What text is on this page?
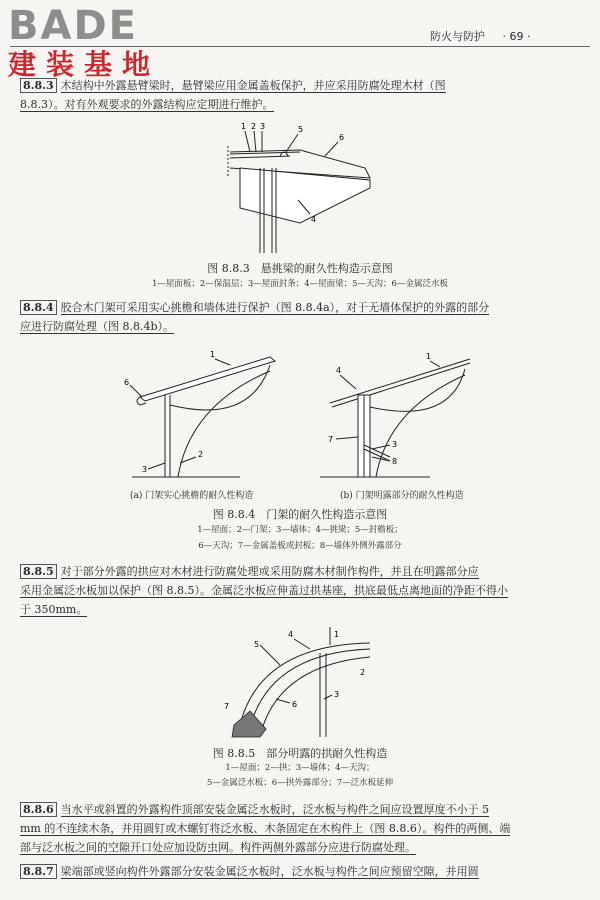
BADE
建装基地
防火与防护 · 69 ·
8.8.3 木结构中外露悬臂梁时，悬臂梁应用金属盖板保护，并应采用防腐处理木材（图
8.8.3）。对有外观要求的外露结构应定期进行维护。
1 2 3
4
5
6
图 8.8.3　悬挑梁的耐久性构造示意图
1—屋面板；2—保温层；3—屋面封条；4—屋面梁；5—天沟；6—金属泛水板
8.8.4 胶合木门架可采用实心挑檐和墙体进行保护（图 8.8.4a），对于无墙体保护的外露的部分
应进行防腐处理（图 8.8.4b）。
1
2
3
6
1
4
7
3
8
(a) 门架实心挑檐的耐久性构造	(b) 门架明露部分的耐久性构造
图 8.8.4　门架的耐久性构造示意图
1—屋面；2—门架；3—墙体；4—挑梁；5—封檐板；
6—天沟；7—金属盖板或封板；8—墙体外侧外露部分
8.8.5 对于部分外露的拱应对木材进行防腐处理或采用防腐木材制作构件，并且在明露部分应
采用金属泛水板加以保护（图 8.8.5）。金属泛水板应伸盖过拱基座，拱底最低点离地面的净距不得小
于 350mm。
1
2
3
4
5
6
7
图 8.8.5　部分明露的拱耐久性构造
1—屋面；2—拱；3—墙体；4—天沟；
5—金属泛水板；6—拱外露部分；7—泛水板延伸
8.8.6 当水平或斜置的外露构件顶部安装金属泛水板时，泛水板与构件之间应设置厚度不小于 5
mm 的不连续木条，并用圆钉或木螺钉将泛水板、木条固定在木构件上（图 8.8.6）。构件的两侧、端
部与泛水板之间的空隙开口处应加设防虫网。构件两侧外露部分应进行防腐处理。
8.8.7 梁端部或竖向构件外露部分安装金属泛水板时，泛水板与构件之间应预留空隙，并用圆
